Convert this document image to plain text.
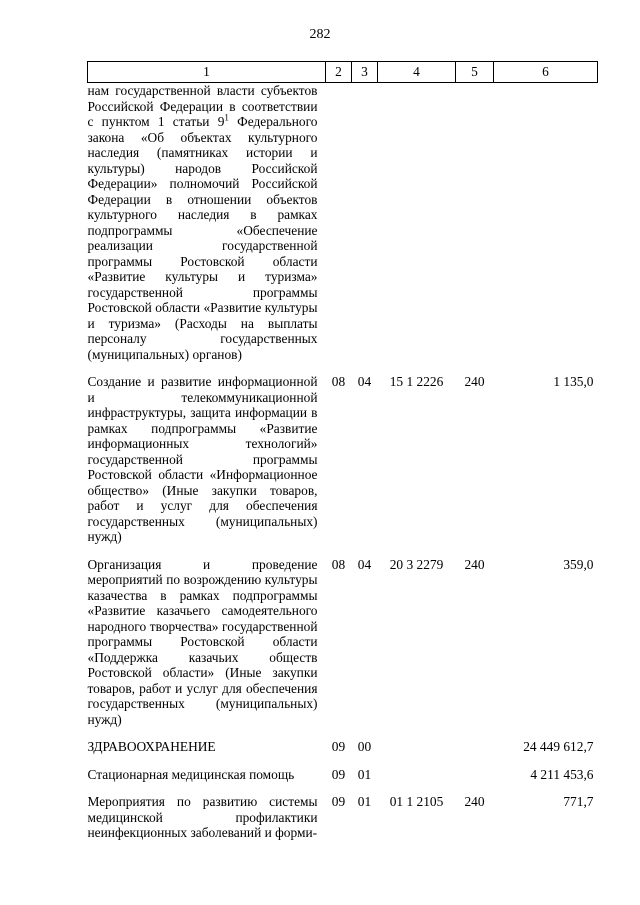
282
1	2	3	4	5	6
нам государственной власти субъектов Российской Федерации в соответствии с пунктом 1 статьи $9^1$ Федерального закона «Об объектах культурного наследия (памятниках истории и культуры) народов Российской Федерации» полномочий Российской Федерации в отношении объектов культурного наследия в рамках подпрограммы «Обеспечение реализации государственной программы Ростовской области «Развитие культуры и туризма» государственной программы Ростовской области «Развитие культуры и туризма» (Расходы на выплаты персоналу государственных (муниципальных) органов)					

Создание и развитие информационной и телекоммуникационной инфраструктуры, защита информации в рамках подпрограммы «Развитие информационных технологий» государственной программы Ростовской области «Информационное общество» (Иные закупки товаров, работ и услуг для обеспечения государственных (муниципальных) нужд)	08	04	15 1 2226	240	1 135,0

Организация и проведение мероприятий по возрождению культуры казачества в рамках подпрограммы «Развитие казачьего самодеятельного народного творчества» государственной программы Ростовской области «Поддержка казачьих обществ Ростовской области» (Иные закупки товаров, работ и услуг для обеспечения государственных (муниципальных) нужд)	08	04	20 3 2279	240	359,0

ЗДРАВООХРАНЕНИЕ	09	00			24 449 612,7

Стационарная медицинская помощь	09	01			4 211 453,6

Мероприятия по развитию системы медицинской профилактики неинфекционных заболеваний и форми-	09	01	01 1 2105	240	771,7
